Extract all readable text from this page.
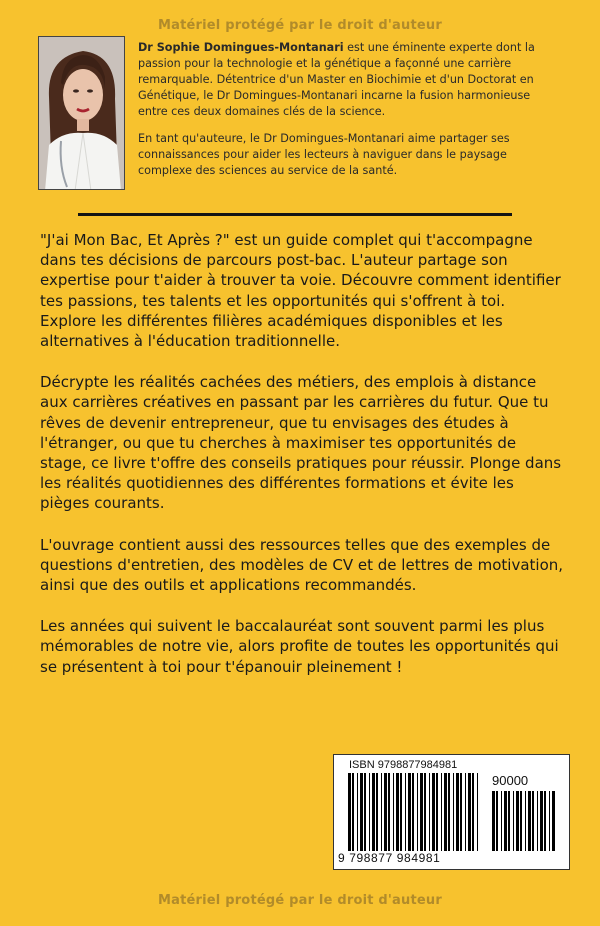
Matériel protégé par le droit d'auteur

Dr Sophie Domingues-Montanari est une éminente experte dont la passion pour la technologie et la génétique a façonné une carrière remarquable. Détentrice d'un Master en Biochimie et d'un Doctorat en Génétique, le Dr Domingues-Montanari incarne la fusion harmonieuse entre ces deux domaines clés de la science.

En tant qu'auteure, le Dr Domingues-Montanari aime partager ses connaissances pour aider les lecteurs à naviguer dans le paysage complexe des sciences au service de la santé.

"J'ai Mon Bac, Et Après ?" est un guide complet qui t'accompagne dans tes décisions de parcours post-bac. L'auteur partage son expertise pour t'aider à trouver ta voie. Découvre comment identifier tes passions, tes talents et les opportunités qui s'offrent à toi. Explore les différentes filières académiques disponibles et les alternatives à l'éducation traditionnelle.

Décrypte les réalités cachées des métiers, des emplois à distance aux carrières créatives en passant par les carrières du futur. Que tu rêves de devenir entrepreneur, que tu envisages des études à l'étranger, ou que tu cherches à maximiser tes opportunités de stage, ce livre t'offre des conseils pratiques pour réussir. Plonge dans les réalités quotidiennes des différentes formations et évite les pièges courants.

L'ouvrage contient aussi des ressources telles que des exemples de questions d'entretien, des modèles de CV et de lettres de motivation, ainsi que des outils et applications recommandés.

Les années qui suivent le baccalauréat sont souvent parmi les plus mémorables de notre vie, alors profite de toutes les opportunités qui se présentent à toi pour t'épanouir pleinement !

ISBN 9798877984981
90000
9 798877 984981
Matériel protégé par le droit d'auteur
